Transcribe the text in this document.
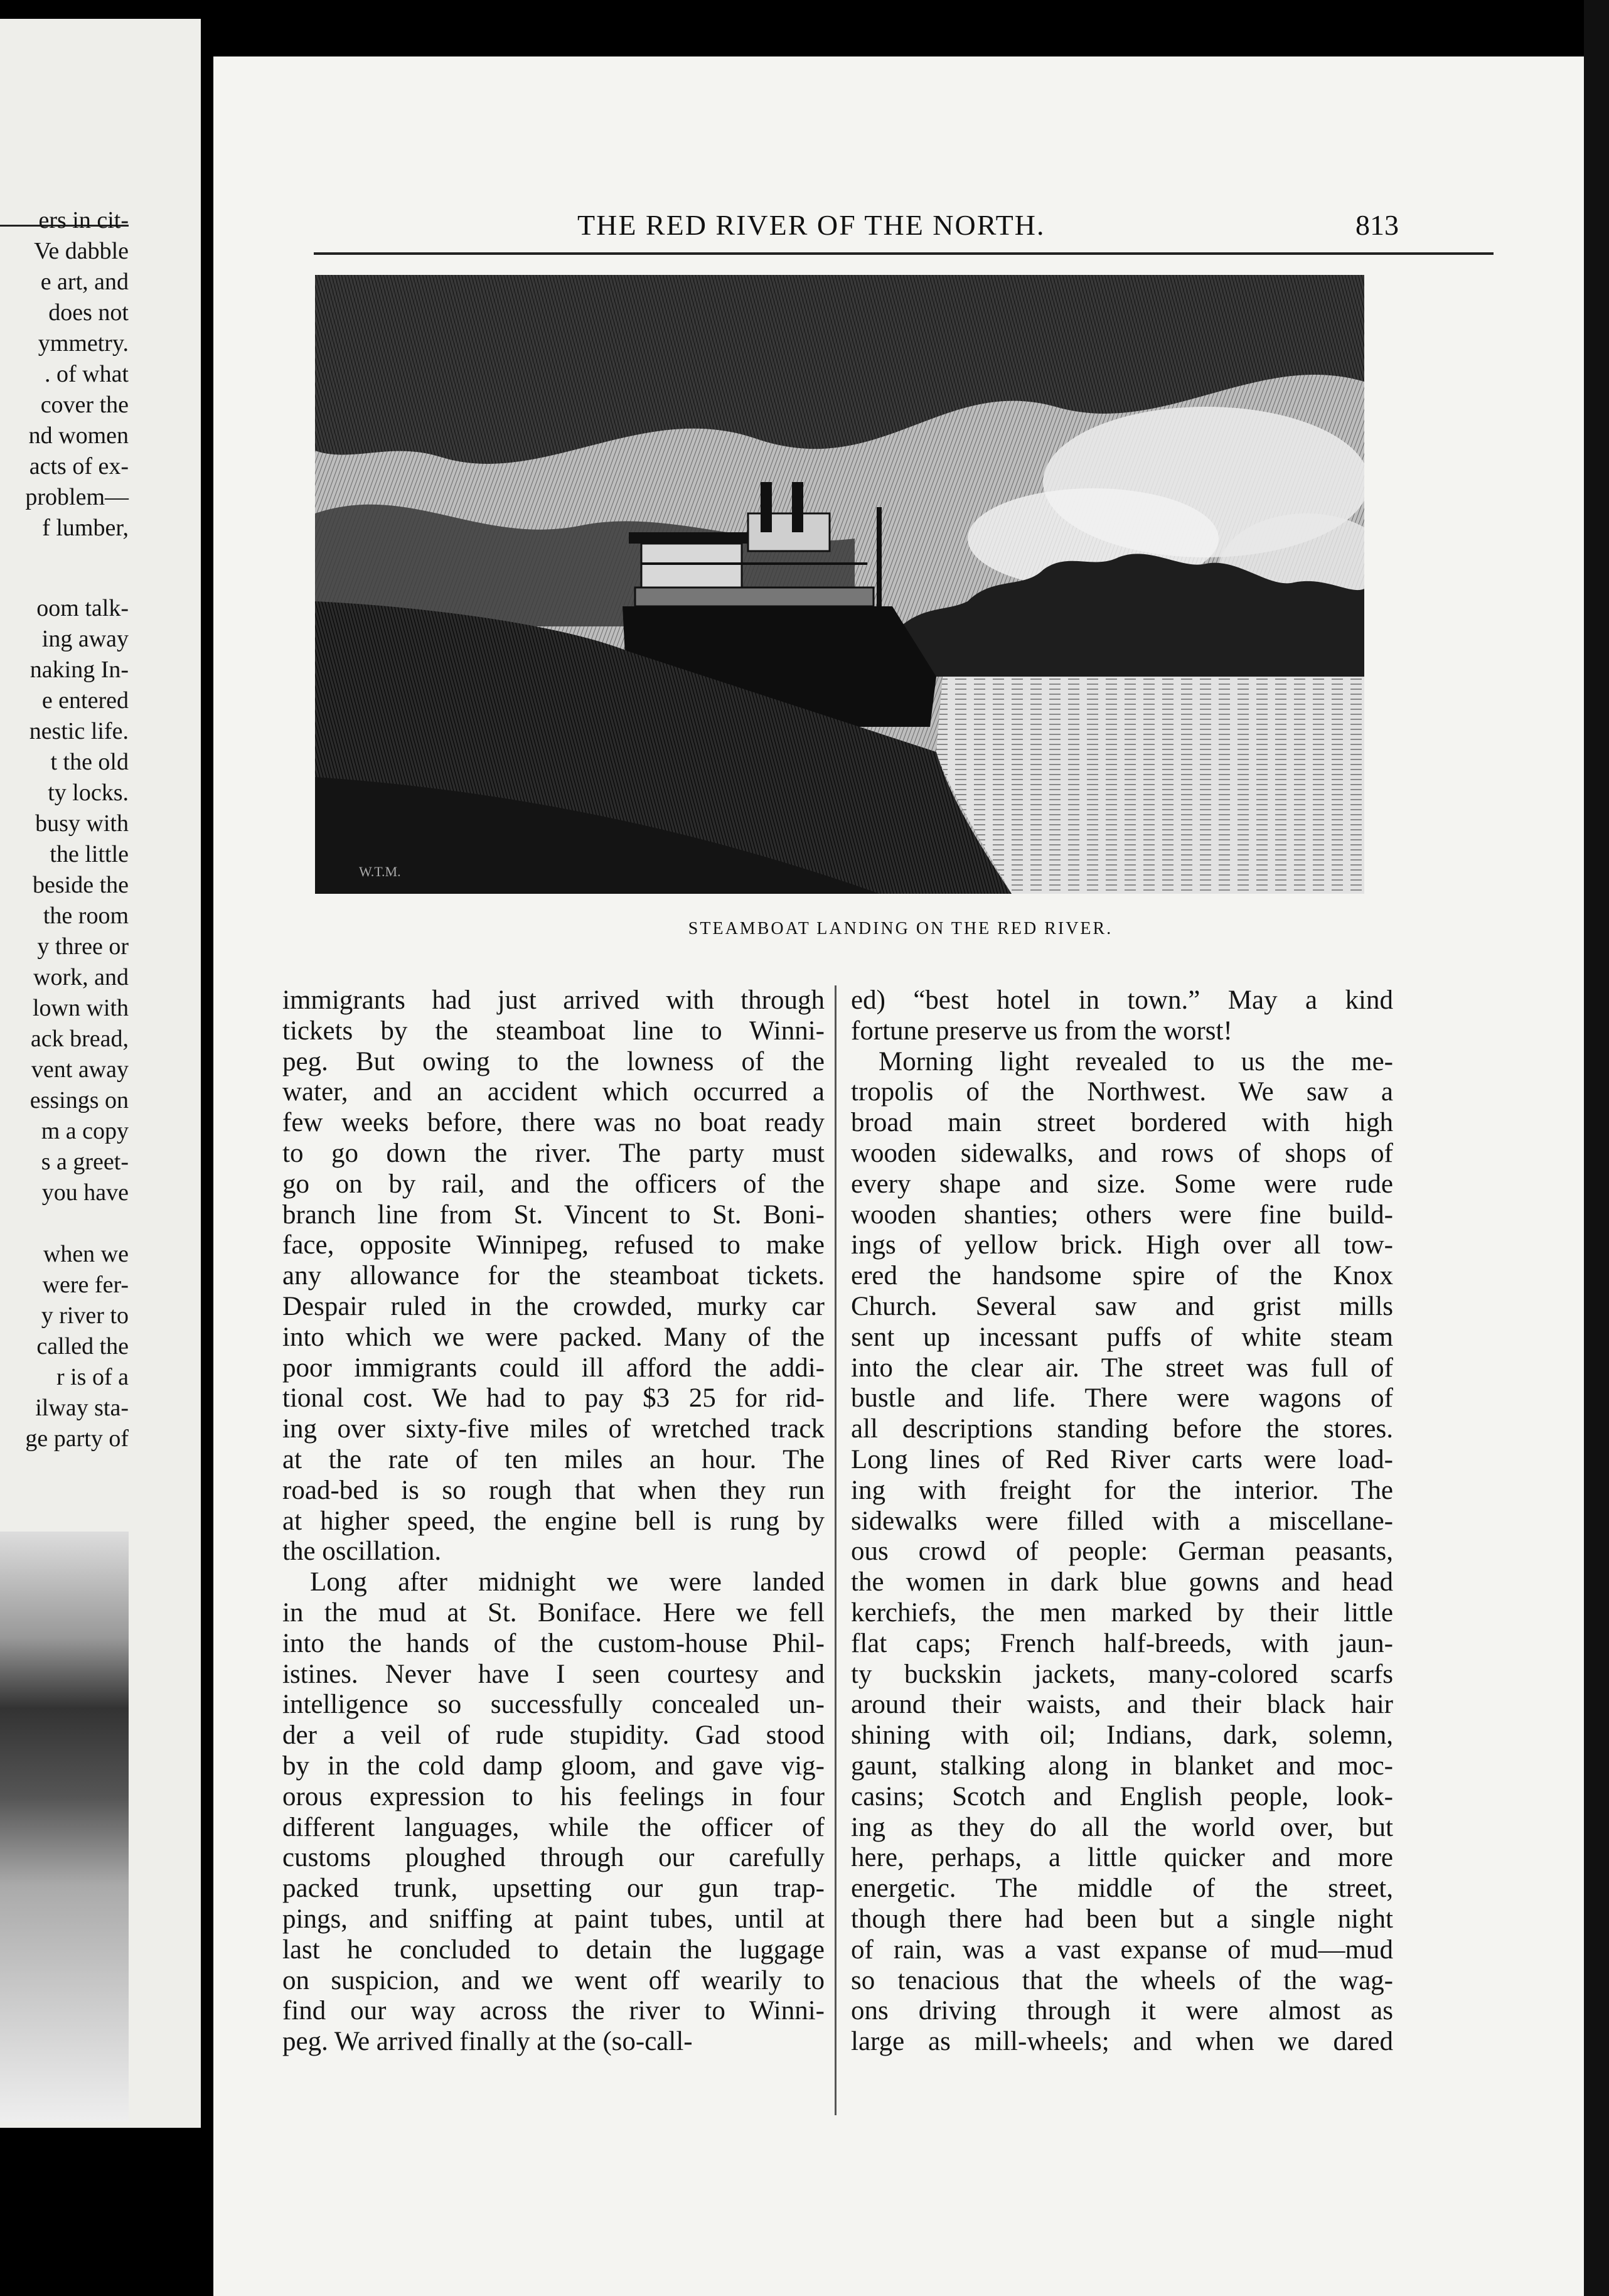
ers in cit-
Ve dabble
e art, and
does not
ymmetry.
. of what
cover the
nd women
acts of ex-
problem—
f lumber,
oom talk-
ing away
naking In-
e entered
nestic life.
t the old
ty locks.
busy with
the little
beside the
the room
y three or
work, and
lown with
ack bread,
vent away
essings on
m a copy
s a greet-
you have
when we
were fer-
y river to
called the
r is of a
ilway sta-
ge party of
THE RED RIVER OF THE NORTH.	813
W.T.M.
STEAMBOAT LANDING ON THE RED RIVER.
immigrants had just arrived with through
tickets by the steamboat line to Winni-
peg. But owing to the lowness of the
water, and an accident which occurred a
few weeks before, there was no boat ready
to go down the river. The party must
go on by rail, and the officers of the
branch line from St. Vincent to St. Boni-
face, opposite Winnipeg, refused to make
any allowance for the steamboat tickets.
Despair ruled in the crowded, murky car
into which we were packed. Many of the
poor immigrants could ill afford the addi-
tional cost. We had to pay $3 25 for rid-
ing over sixty-five miles of wretched track
at the rate of ten miles an hour. The
road-bed is so rough that when they run
at higher speed, the engine bell is rung by
the oscillation.
Long after midnight we were landed
in the mud at St. Boniface. Here we fell
into the hands of the custom-house Phil-
istines. Never have I seen courtesy and
intelligence so successfully concealed un-
der a veil of rude stupidity. Gad stood
by in the cold damp gloom, and gave vig-
orous expression to his feelings in four
different languages, while the officer of
customs ploughed through our carefully
packed trunk, upsetting our gun trap-
pings, and sniffing at paint tubes, until at
last he concluded to detain the luggage
on suspicion, and we went off wearily to
find our way across the river to Winni-
peg. We arrived finally at the (so-call-
ed) “best hotel in town.” May a kind
fortune preserve us from the worst!
Morning light revealed to us the me-
tropolis of the Northwest. We saw a
broad main street bordered with high
wooden sidewalks, and rows of shops of
every shape and size. Some were rude
wooden shanties; others were fine build-
ings of yellow brick. High over all tow-
ered the handsome spire of the Knox
Church. Several saw and grist mills
sent up incessant puffs of white steam
into the clear air. The street was full of
bustle and life. There were wagons of
all descriptions standing before the stores.
Long lines of Red River carts were load-
ing with freight for the interior. The
sidewalks were filled with a miscellane-
ous crowd of people: German peasants,
the women in dark blue gowns and head
kerchiefs, the men marked by their little
flat caps; French half-breeds, with jaun-
ty buckskin jackets, many-colored scarfs
around their waists, and their black hair
shining with oil; Indians, dark, solemn,
gaunt, stalking along in blanket and moc-
casins; Scotch and English people, look-
ing as they do all the world over, but
here, perhaps, a little quicker and more
energetic. The middle of the street,
though there had been but a single night
of rain, was a vast expanse of mud—mud
so tenacious that the wheels of the wag-
ons driving through it were almost as
large as mill-wheels; and when we dared
